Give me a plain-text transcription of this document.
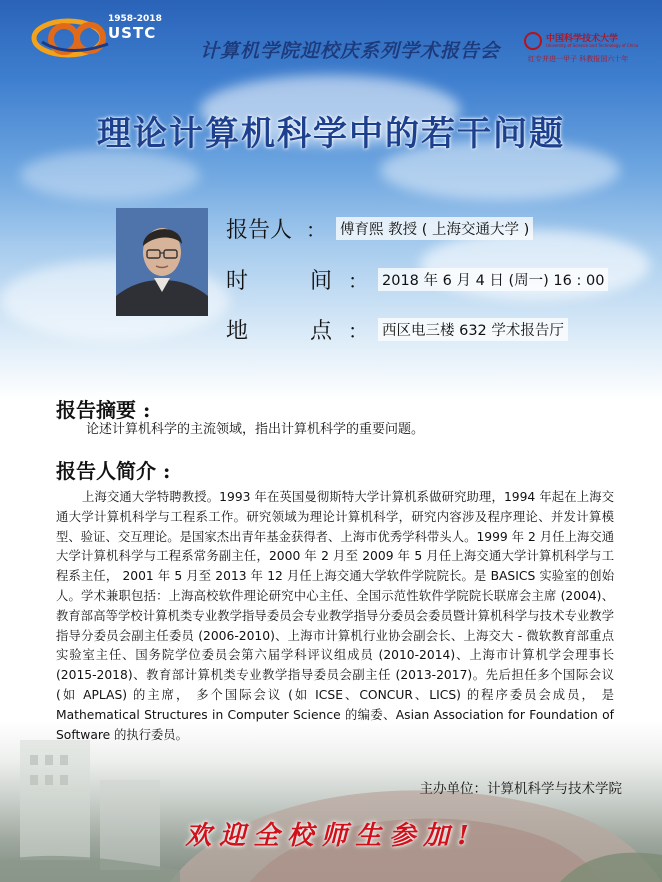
1958-2018
USTC
计算机学院迎校庆系列学术报告会
中国科学技术大学
University of Science and Technology of China
红专并进一甲子 科教报国六十年
理论计算机科学中的若干问题
报告人 ： 傅育熙 教授 ( 上海交通大学 )
时  间 ： 2018 年 6 月 4 日 (周一) 16 : 00
地  点 ： 西区电三楼 632 学术报告厅
报告摘要 :
论述计算机科学的主流领域，指出计算机科学的重要问题。
报告人简介 :
上海交通大学特聘教授。1993 年在英国曼彻斯特大学计算机系做研究助理，1994 年起在上海交通大学计算机科学与工程系工作。研究领域为理论计算机科学，研究内容涉及程序理论、并发计算模型、验证、交互理论。是国家杰出青年基金获得者、上海市优秀学科带头人。1999 年 2 月任上海交通大学计算机科学与工程系常务副主任，2000 年 2 月至 2009 年 5 月任上海交通大学计算机科学与工程系主任， 2001 年 5 月至 2013 年 12 月任上海交通大学软件学院院长。是 BASICS 实验室的创始人。学术兼职包括：上海高校软件理论研究中心主任、全国示范性软件学院院长联席会主席 (2004)、教育部高等学校计算机类专业教学指导委员会专业教学指导分委员会委员暨计算机科学与技术专业教学指导分委员会副主任委员 (2006-2010)、上海市计算机行业协会副会长、上海交大 - 微软教育部重点实验室主任、国务院学位委员会第六届学科评议组成员 (2010-2014)、上海市计算机学会理事长 (2015-2018)、教育部计算机类专业教学指导委员会副主任 (2013-2017)。先后担任多个国际会议 (如 APLAS) 的主席， 多个国际会议 (如 ICSE、CONCUR、LICS) 的程序委员会成员， 是 Mathematical Structures in Computer Science 的编委、Asian Association for Foundation of Software 的执行委员。
主办单位：计算机科学与技术学院
欢迎全校师生参加!
